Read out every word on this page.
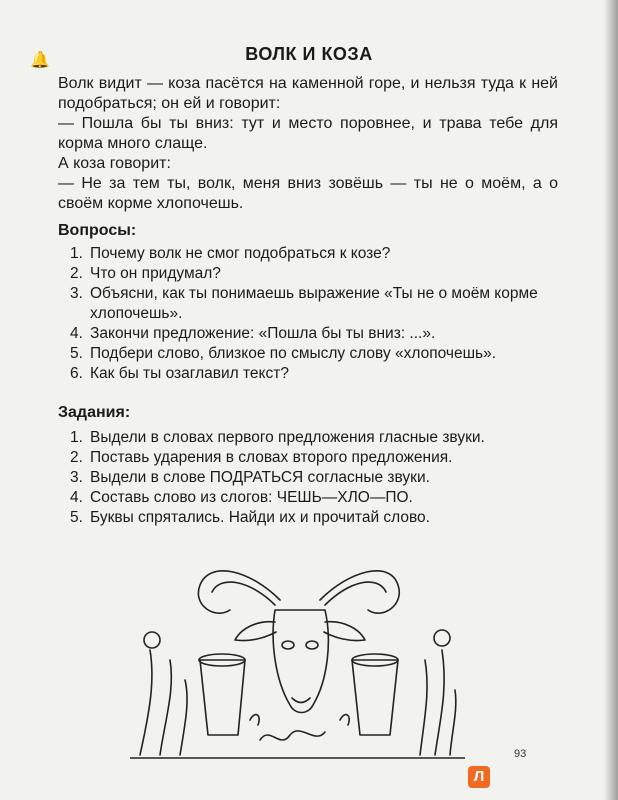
🔔	ВОЛК И КОЗА

Волк видит — коза пасётся на каменной горе, и нельзя туда к ней подобраться; он ей и говорит:

— Пошла бы ты вниз: тут и место поровнее, и трава тебе для корма много слаще.

А коза говорит:

— Не за тем ты, волк, меня вниз зовёшь — ты не о моём, а о своём корме хлопочешь.

Вопросы:
1. Почему волк не смог подобраться к козе?
2. Что он придумал?
3. Объясни, как ты понимаешь выражение «Ты не о моём корме хлопочешь».
4. Закончи предложение: «Пошла бы ты вниз: ...».
5. Подбери слово, близкое по смыслу слову «хлопочешь».
6. Как бы ты озаглавил текст?
Задания:
1. Выдели в словах первого предложения гласные звуки.
2. Поставь ударения в словах второго предложения.
3. Выдели в слове ПОДРАТЬСЯ согласные звуки.
4. Составь слово из слогов: ЧЕШЬ—ХЛО—ПО.
5. Буквы спрятались. Найди их и прочитай слово.
93
Л
